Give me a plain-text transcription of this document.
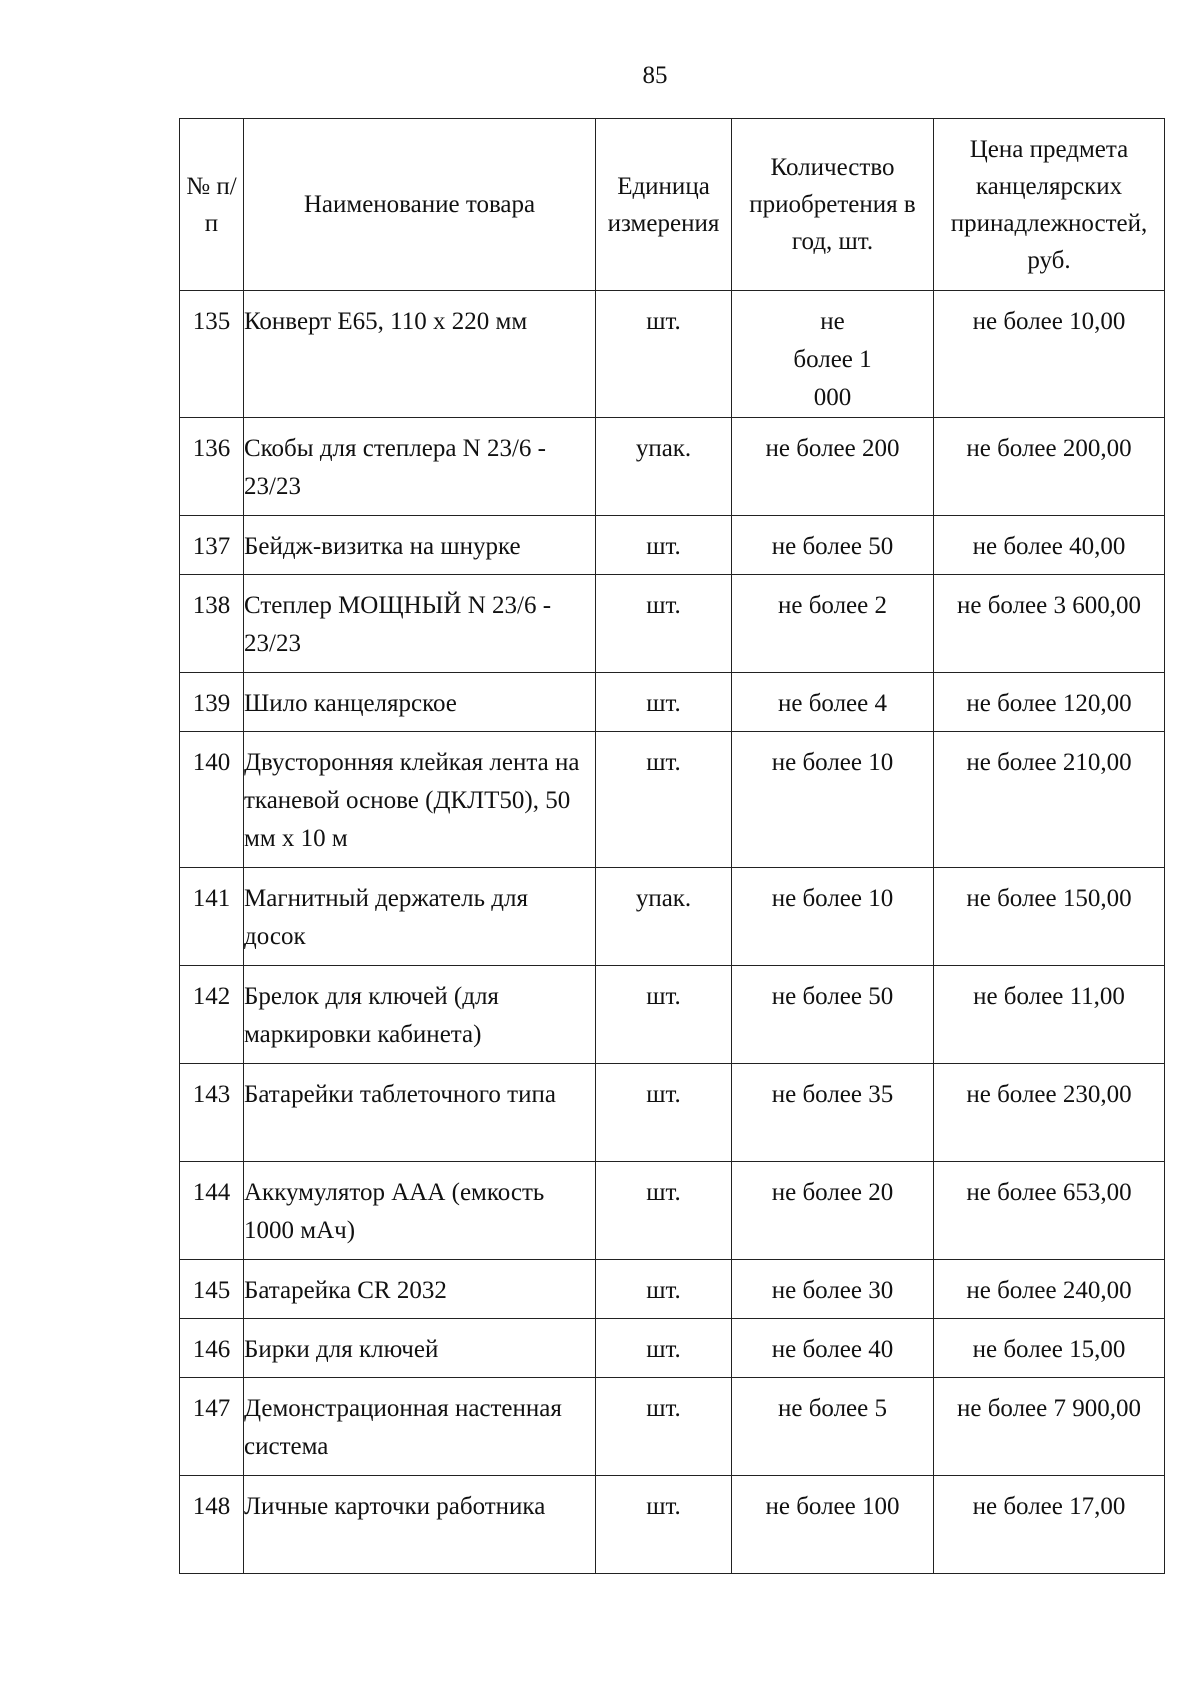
85
№ п/п	Наименование товара	Единица измерения	Количество приобретения в год, шт.	Цена предмета канцелярских принадлежностей, руб.
135	Конверт Е65, 110 х 220 мм	шт.	не более 1 000	не более 10,00
136	Скобы для степлера N 23/6 - 23/23	упак.	не более 200	не более 200,00
137	Бейдж-визитка на шнурке	шт.	не более 50	не более 40,00
138	Степлер МОЩНЫЙ N 23/6 - 23/23	шт.	не более 2	не более 3 600,00
139	Шило канцелярское	шт.	не более 4	не более 120,00
140	Двусторонняя клейкая лента на тканевой основе (ДКЛТ50), 50 мм х 10 м	шт.	не более 10	не более 210,00
141	Магнитный держатель для досок	упак.	не более 10	не более 150,00
142	Брелок для ключей (для маркировки кабинета)	шт.	не более 50	не более 11,00
143	Батарейки таблеточного типа	шт.	не более 35	не более 230,00
144	Аккумулятор ААА (емкость 1000 мАч)	шт.	не более 20	не более 653,00
145	Батарейка CR 2032	шт.	не более 30	не более 240,00
146	Бирки для ключей	шт.	не более 40	не более 15,00
147	Демонстрационная настенная система	шт.	не более 5	не более 7 900,00
148	Личные карточки работника	шт.	не более 100	не более 17,00
